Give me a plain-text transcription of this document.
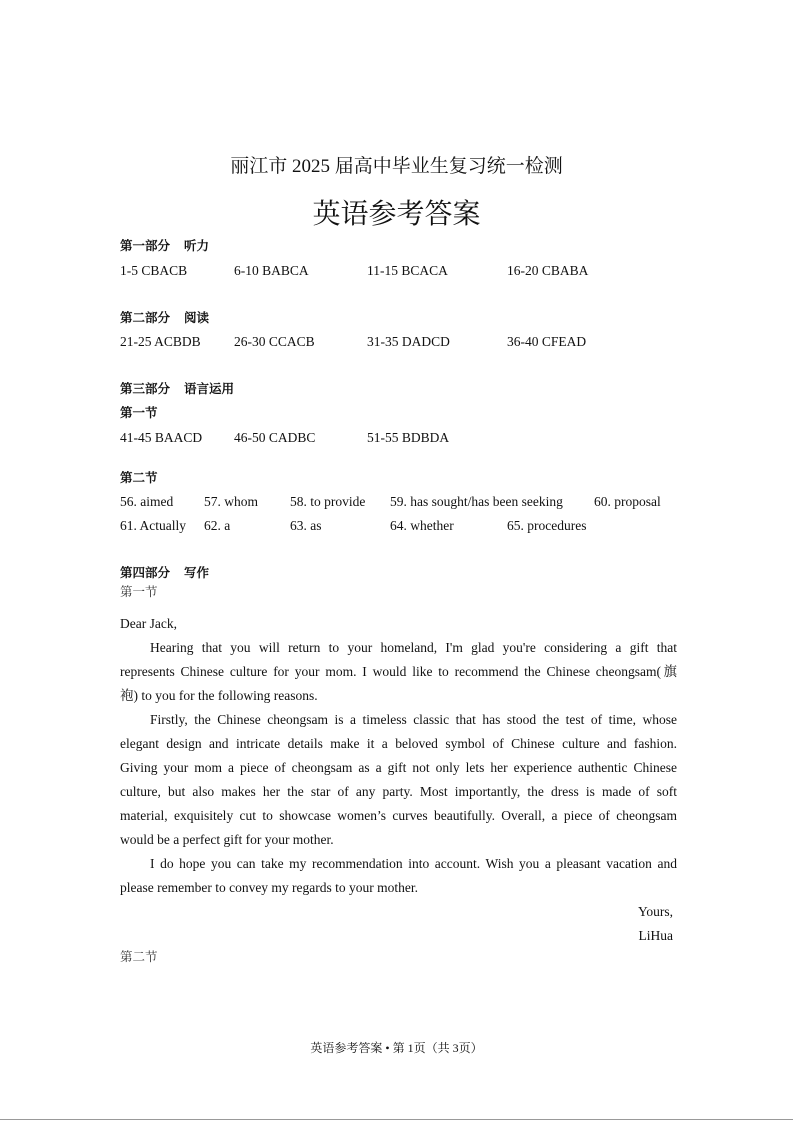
丽江市 2025 届高中毕业生复习统一检测
英语参考答案
第一部分 听力
1-5 CBACB	6-10 BABCA	11-15 BCACA	16-20 CBABA
第二部分 阅读
21-25 ACBDB 26-30 CCACB	31-35 DADCD	36-40 CFEAD
第三部分 语言运用
第一节
41-45 BAACD 46-50 CADBC	51-55 BDBDA
第二节
56. aimed 57. whom 58. to provide 59. has sought/has been seeking 60. proposal
61. Actually 62. a	63. as	64. whether	65. procedures
第四部分 写作
第一节
Dear Jack,
Hearing that you will return to your homeland, I'm glad you're considering a gift that
represents Chinese culture for your mom. I would like to recommend the Chinese cheongsam(旗
袍) to you for the following reasons.
Firstly, the Chinese cheongsam is a timeless classic that has stood the test of time, whose
elegant design and intricate details make it a beloved symbol of Chinese culture and fashion.
Giving your mom a piece of cheongsam as a gift not only lets her experience authentic Chinese
culture, but also makes her the star of any party. Most importantly, the dress is made of soft
material, exquisitely cut to showcase women’s curves beautifully. Overall, a piece of cheongsam
would be a perfect gift for your mother.
I do hope you can take my recommendation into account. Wish you a pleasant vacation and
please remember to convey my regards to your mother.
Yours,
LiHua
第二节
英语参考答案 • 第 1页（共 3页）
